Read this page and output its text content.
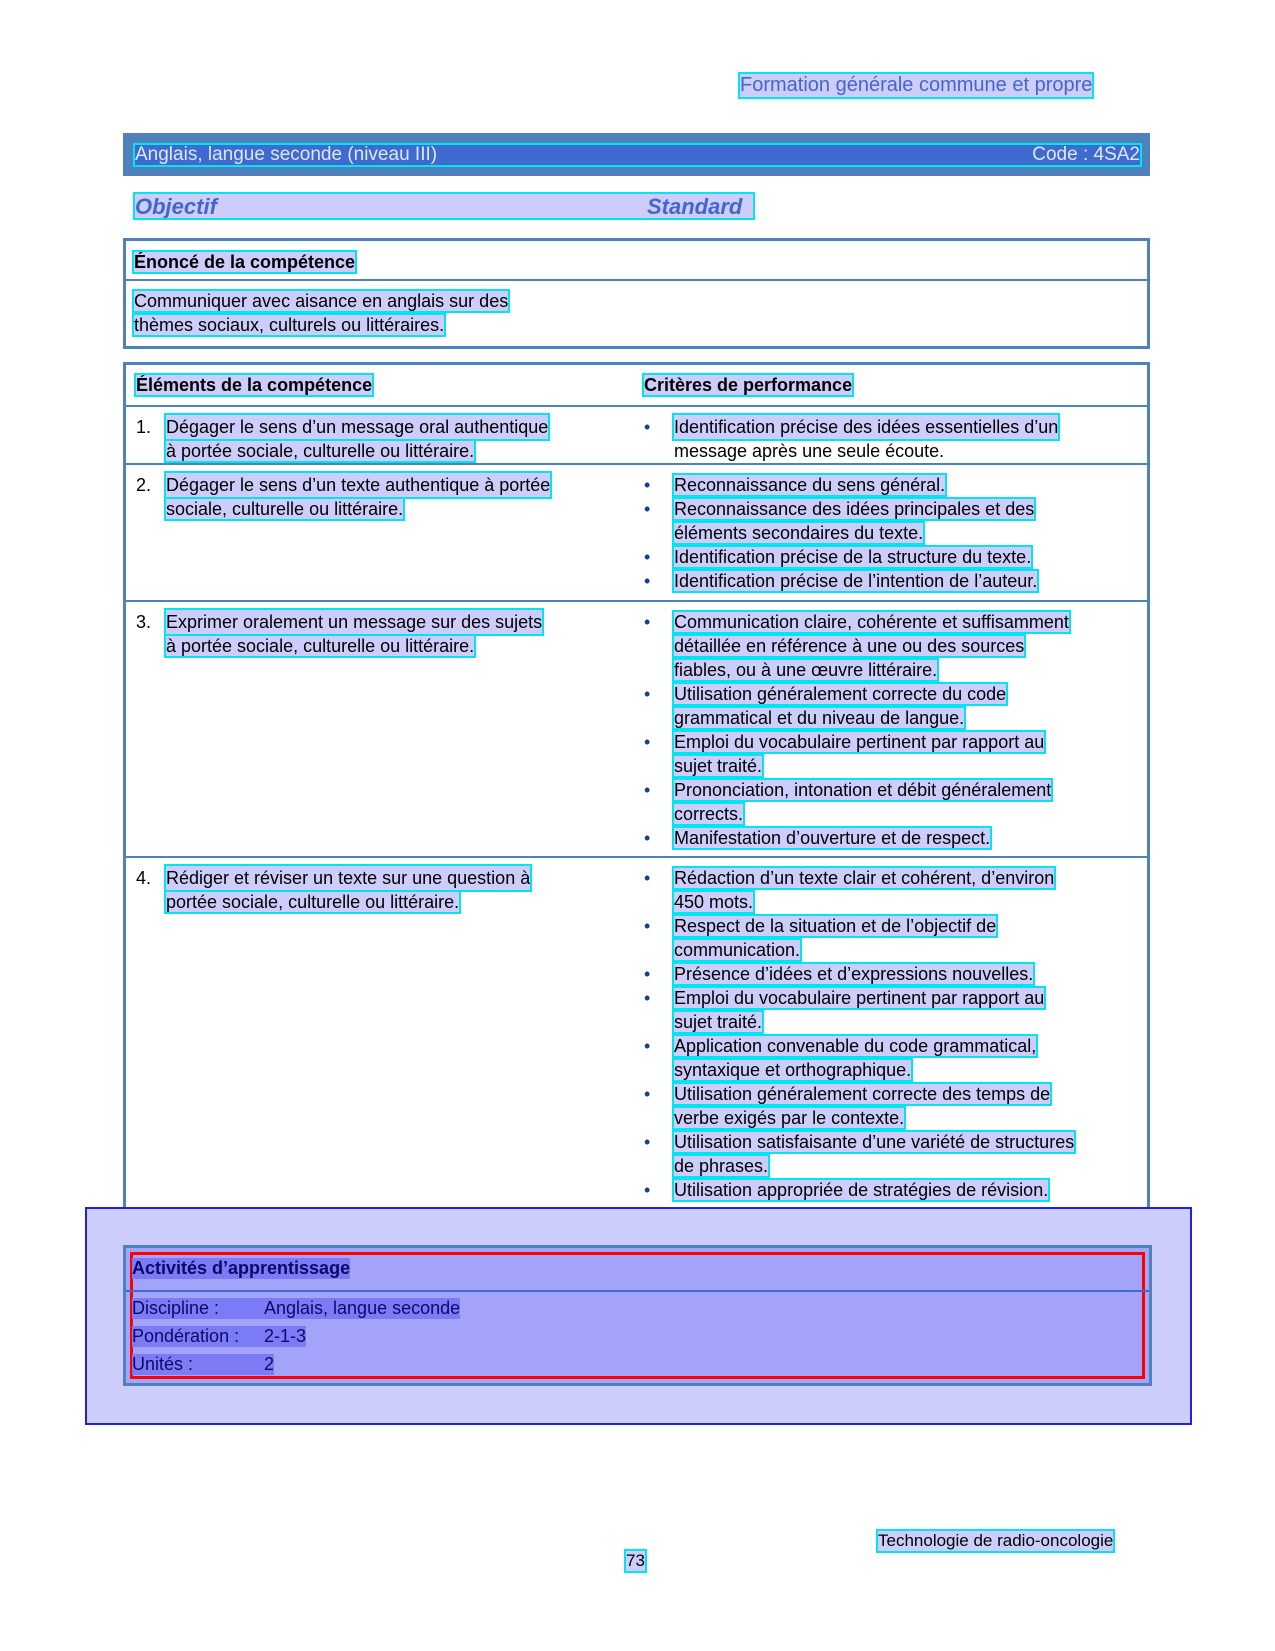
Formation générale commune et propre
Anglais, langue seconde (niveau III)	Code : 4SA2
Objectif	Standard
Énoncé de la compétence
Communiquer avec aisance en anglais sur des
thèmes sociaux, culturels ou littéraires.
Éléments de la compétence	Critères de performance
1. Dégager le sens d’un message oral authentique
à portée sociale, culturelle ou littéraire.
•	Identification précise des idées essentielles d’un
message après une seule écoute.
2. Dégager le sens d’un texte authentique à portée
sociale, culturelle ou littéraire.
•	Reconnaissance du sens général.
•	Reconnaissance des idées principales et des
éléments secondaires du texte.
•	Identification précise de la structure du texte.
•	Identification précise de l’intention de l’auteur.
3. Exprimer oralement un message sur des sujets
à portée sociale, culturelle ou littéraire.
•	Communication claire, cohérente et suffisamment
détaillée en référence à une ou des sources
fiables, ou à une œuvre littéraire.
•	Utilisation généralement correcte du code
grammatical et du niveau de langue.
•	Emploi du vocabulaire pertinent par rapport au
sujet traité.
•	Prononciation, intonation et débit généralement
corrects.
•	Manifestation d’ouverture et de respect.
4. Rédiger et réviser un texte sur une question à
portée sociale, culturelle ou littéraire.
•	Rédaction d’un texte clair et cohérent, d’environ
450 mots.
•	Respect de la situation et de l’objectif de
communication.
•	Présence d’idées et d’expressions nouvelles.
•	Emploi du vocabulaire pertinent par rapport au
sujet traité.
•	Application convenable du code grammatical,
syntaxique et orthographique.
•	Utilisation généralement correcte des temps de
verbe exigés par le contexte.
•	Utilisation satisfaisante d’une variété de structures
de phrases.
•	Utilisation appropriée de stratégies de révision.
Activités d’apprentissage
Discipline :	Anglais, langue seconde
Pondération :	2-1-3
Unités :	2
Technologie de radio-oncologie
73
